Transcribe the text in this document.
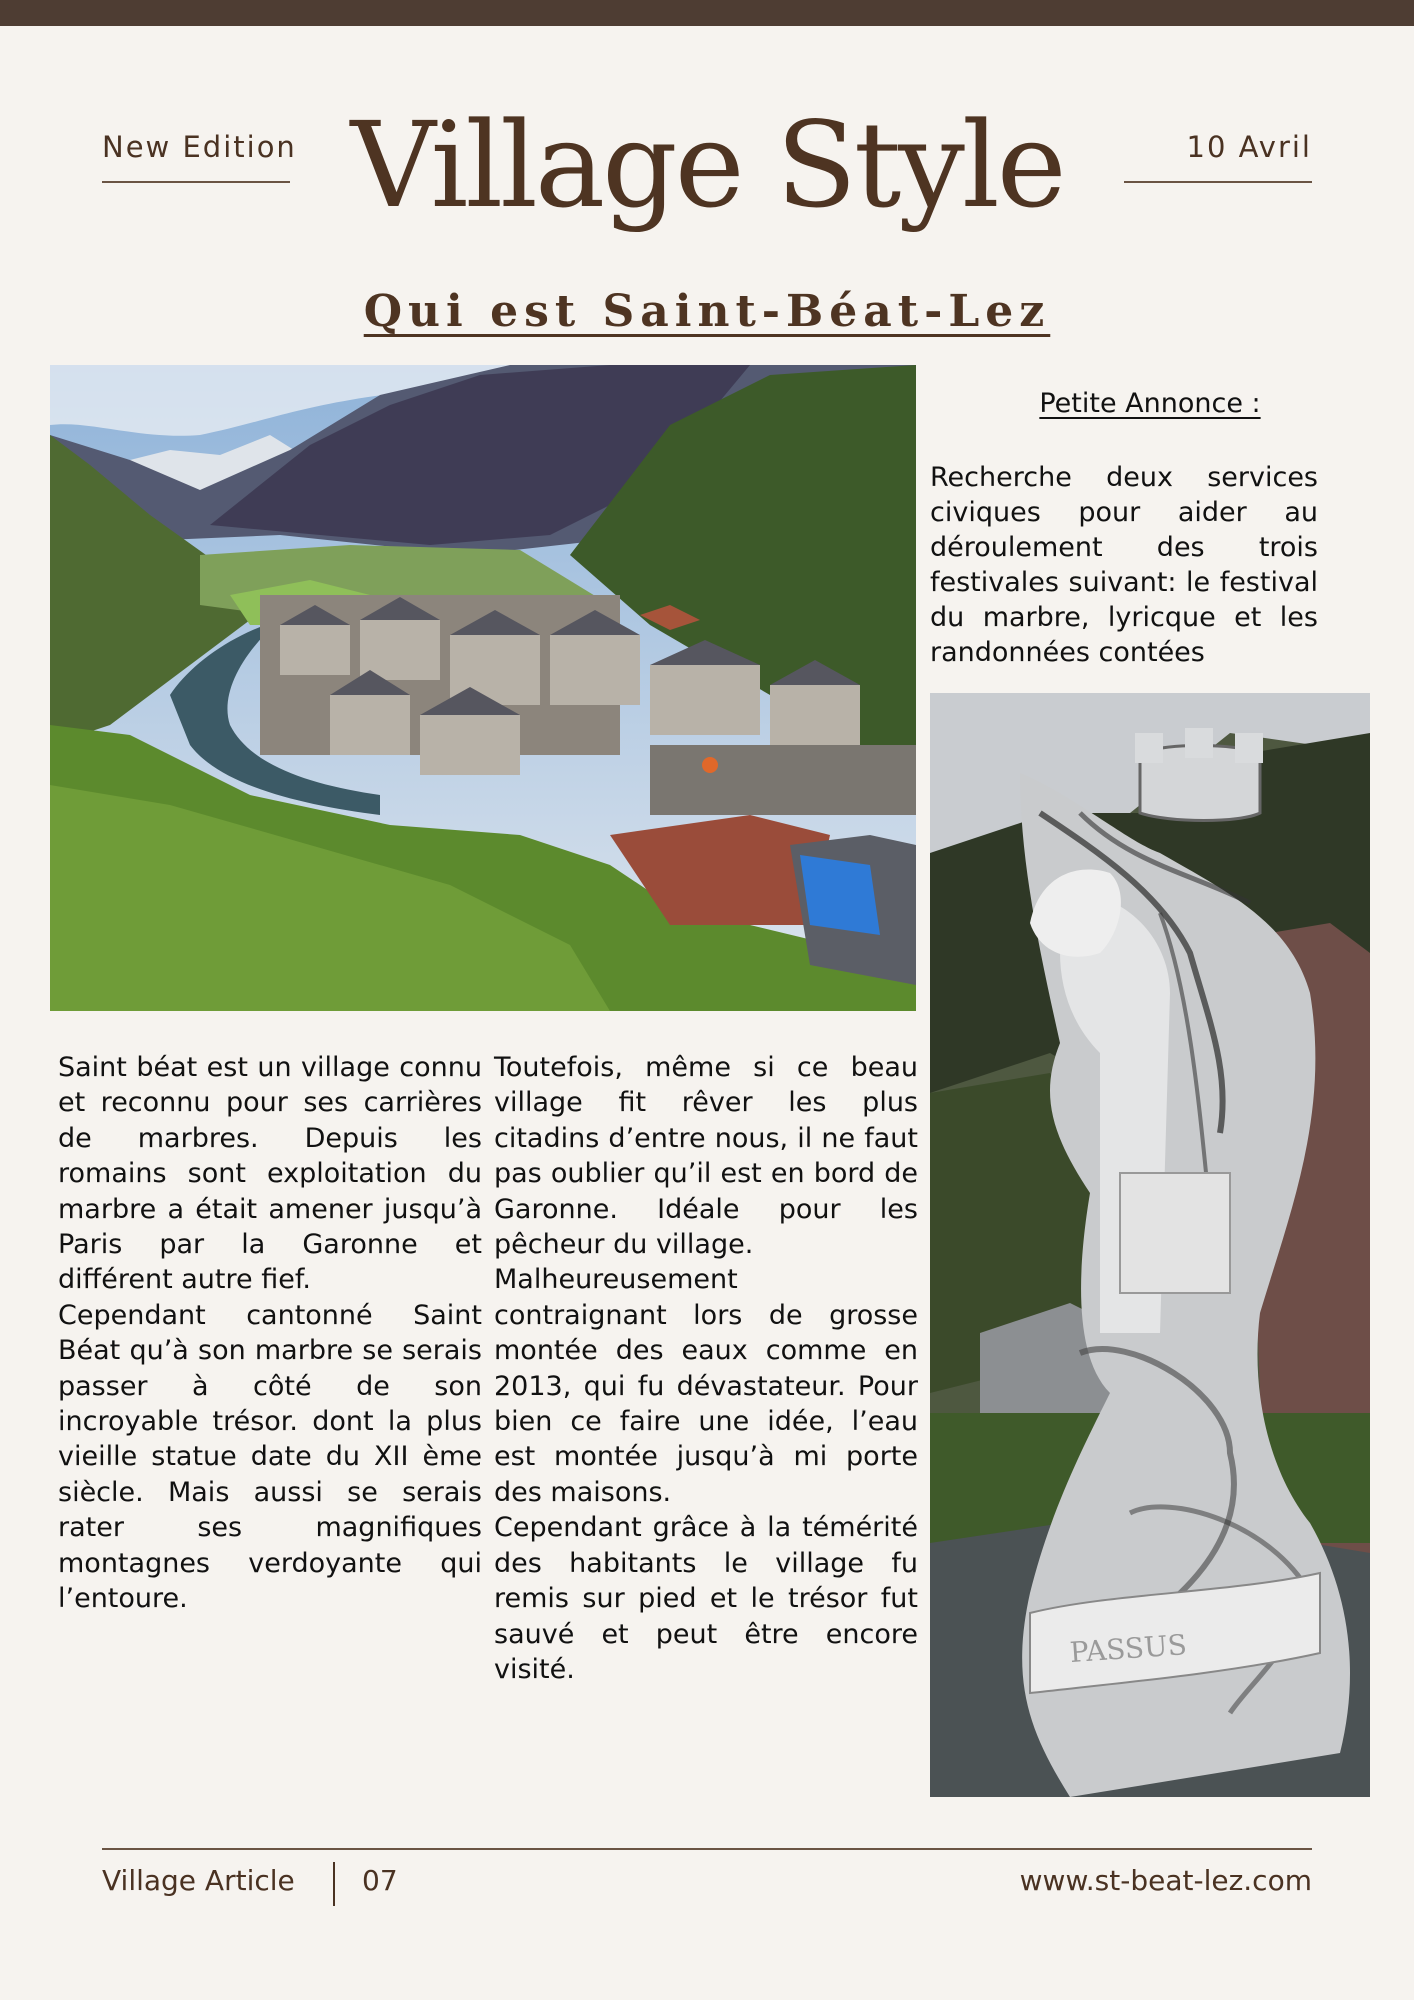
New Edition Village Style	10 Avril
Qui est Saint-Béat-Lez
Petite Annonce :
Recherche deux services civiques pour aider au déroulement des trois festivales suivant: le festival du marbre, lyricque et les randonnées contées
PASSUS

Saint béat est un village connu et reconnu pour ses carrières de marbres. Depuis les romains sont exploitation du marbre a était amener jusqu’à Paris par la Garonne et différent autre fief.

Cependant cantonné Saint Béat qu’à son marbre se serais passer à côté de son incroyable trésor. dont la plus vieille statue date du XII ème siècle. Mais aussi se serais rater ses magnifiques montagnes verdoyante qui l’entoure.

Toutefois, même si ce beau village fit rêver les plus citadins d’entre nous, il ne faut pas oublier qu’il est en bord de Garonne. Idéale pour les pêcheur du village.

Malheureusement contraignant lors de grosse montée des eaux comme en 2013, qui fu dévastateur. Pour bien ce faire une idée, l’eau est montée jusqu’à mi porte des maisons.

Cependant grâce à la témérité des habitants le village fu remis sur pied et le trésor fut sauvé et peut être encore visité.

Village Article 07	www.st-beat-lez.com
